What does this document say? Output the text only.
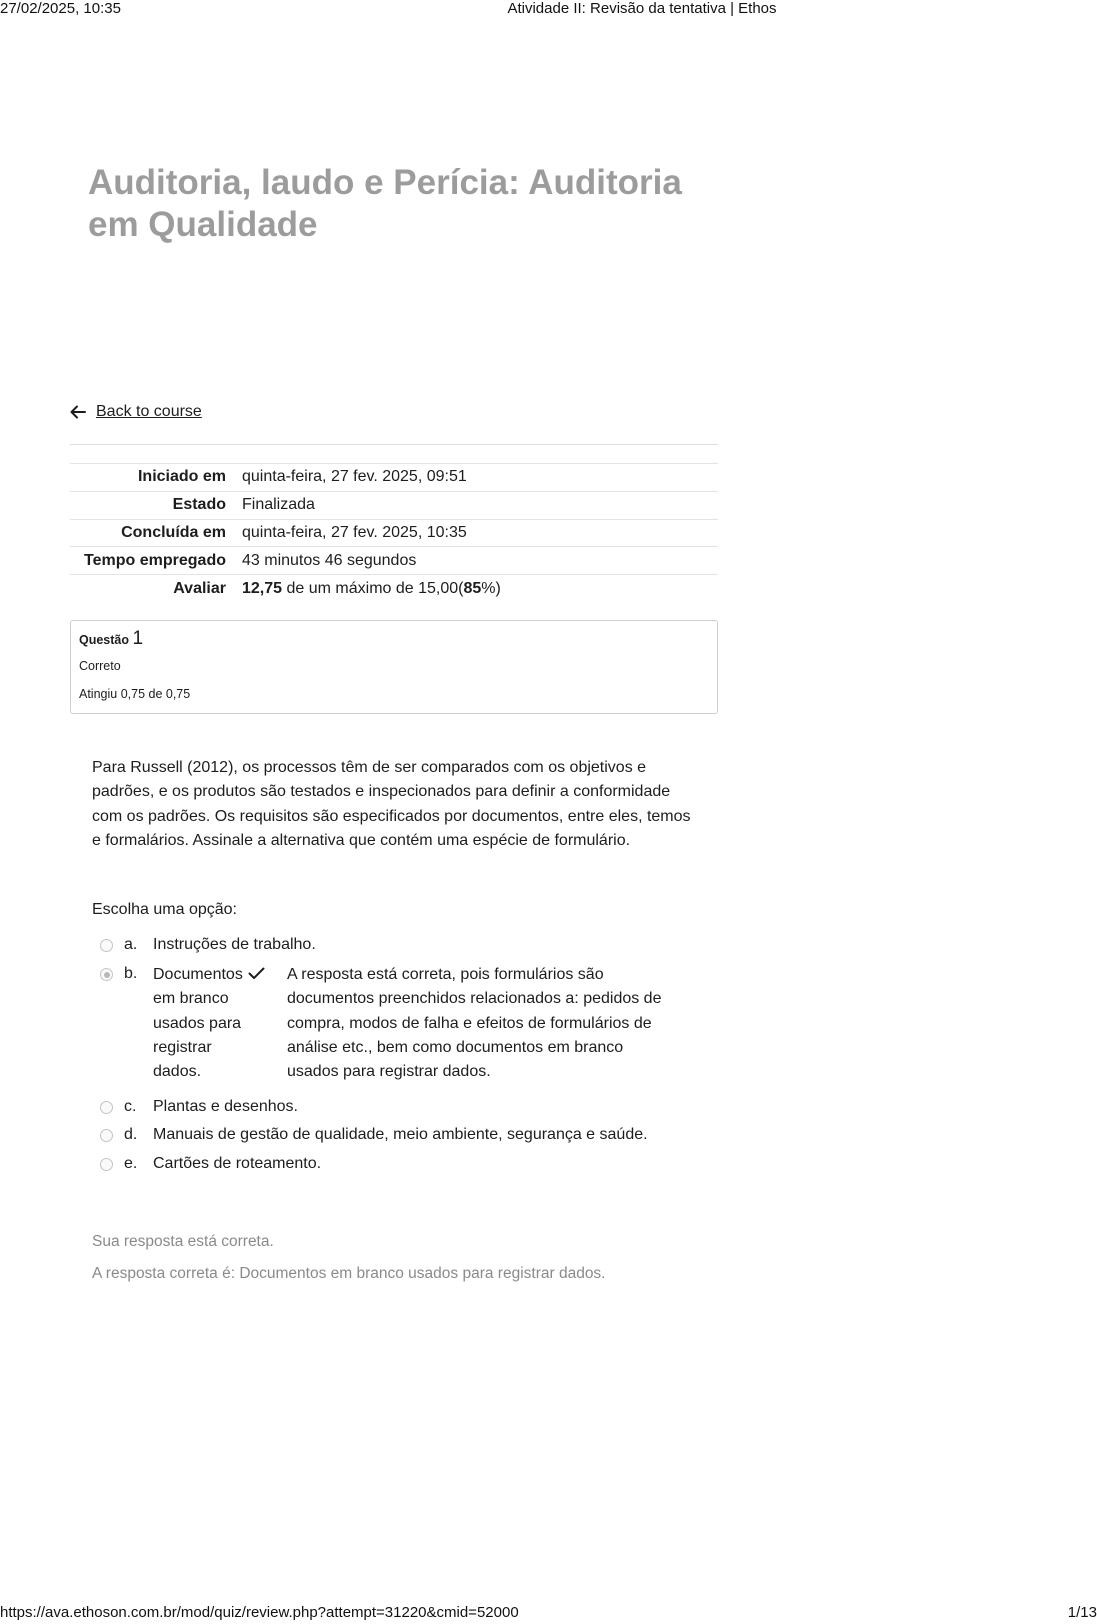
27/02/2025, 10:35	Atividade II: Revisão da tentativa | Ethos
Auditoria, laudo e Perícia: Auditoria em Qualidade
Back to course
Iniciado em	quinta-feira, 27 fev. 2025, 09:51
Estado	Finalizada
Concluída em	quinta-feira, 27 fev. 2025, 10:35
Tempo empregado	43 minutos 46 segundos
Avaliar	12,75 de um máximo de 15,00(85%)
Questão 1
Correto
Atingiu 0,75 de 0,75
Para Russell (2012), os processos têm de ser comparados com os objetivos e padrões, e os produtos são testados e inspecionados para definir a conformidade com os padrões. Os requisitos são especificados por documentos, entre eles, temos e formalários. Assinale a alternativa que contém uma espécie de formulário.
Escolha uma opção:
a. Instruções de trabalho.
b. Documentos em branco usados para registrar dados.
A resposta está correta, pois formulários são documentos preenchidos relacionados a: pedidos de compra, modos de falha e efeitos de formulários de análise etc., bem como documentos em branco usados para registrar dados.
c. Plantas e desenhos.
d. Manuais de gestão de qualidade, meio ambiente, segurança e saúde.
e. Cartões de roteamento.
Sua resposta está correta.
A resposta correta é: Documentos em branco usados para registrar dados.
https://ava.ethoson.com.br/mod/quiz/review.php?attempt=31220&cmid=52000	1/13
